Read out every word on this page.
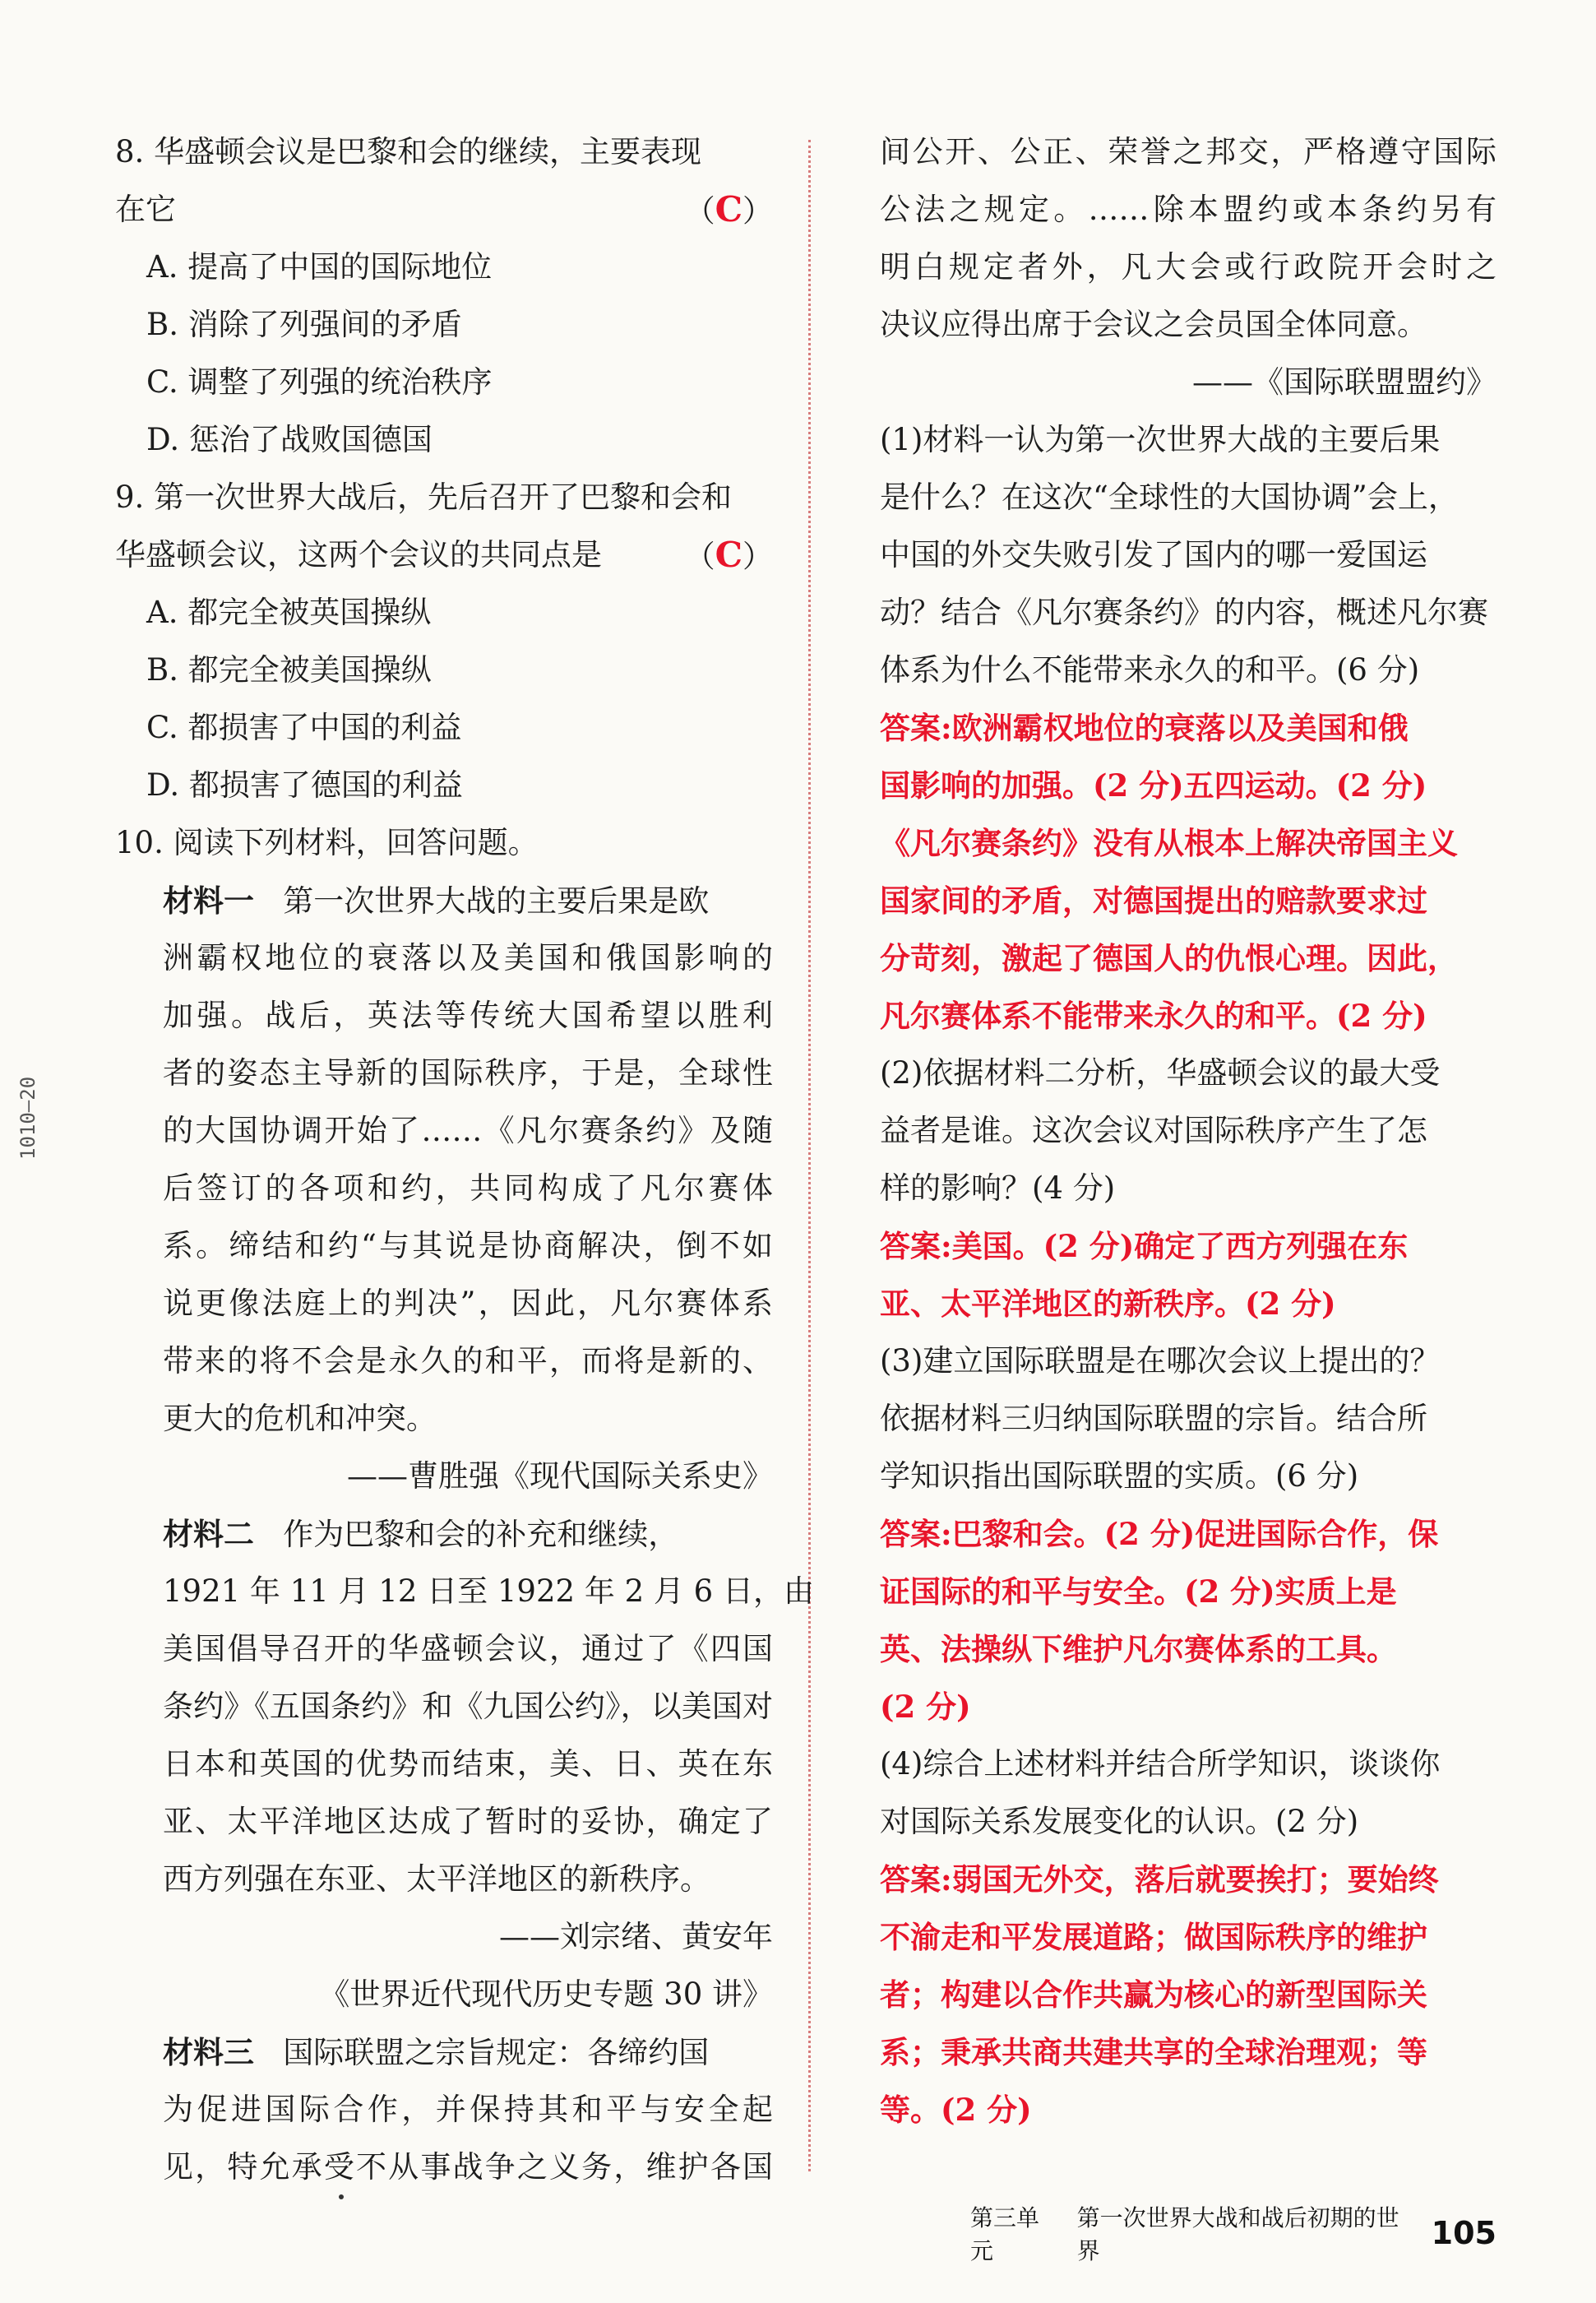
1010—20
8. 华盛顿会议是巴黎和会的继续，主要表现
在它	（C）
A. 提高了中国的国际地位
B. 消除了列强间的矛盾
C. 调整了列强的统治秩序
D. 惩治了战败国德国
9. 第一次世界大战后，先后召开了巴黎和会和
华盛顿会议，这两个会议的共同点是	（C）
A. 都完全被英国操纵
B. 都完全被美国操纵
C. 都损害了中国的利益
D. 都损害了德国的利益
10. 阅读下列材料，回答问题。
材料一 第一次世界大战的主要后果是欧
洲霸权地位的衰落以及美国和俄国影响的
加强。战后，英法等传统大国希望以胜利
者的姿态主导新的国际秩序，于是，全球性
的大国协调开始了……《凡尔赛条约》及随
后签订的各项和约，共同构成了凡尔赛体
系。缔结和约“与其说是协商解决，倒不如
说更像法庭上的判决”，因此，凡尔赛体系
带来的将不会是永久的和平，而将是新的、
更大的危机和冲突。
——曹胜强《现代国际关系史》
材料二 作为巴黎和会的补充和继续，
1921 年 11 月 12 日至 1922 年 2 月 6 日，由
美国倡导召开的华盛顿会议，通过了《四国
条约》《五国条约》和《九国公约》，以美国对
日本和英国的优势而结束，美、日、英在东
亚、太平洋地区达成了暂时的妥协，确定了
西方列强在东亚、太平洋地区的新秩序。
——刘宗绪、黄安年
《世界近代现代历史专题 30 讲》
材料三 国际联盟之宗旨规定：各缔约国
为促进国际合作，并保持其和平与安全起
见，特允承受不从事战争之义务，维护各国
间公开、公正、荣誉之邦交，严格遵守国际
公法之规定。……除本盟约或本条约另有
明白规定者外，凡大会或行政院开会时之
决议应得出席于会议之会员国全体同意。
——《国际联盟盟约》
(1)材料一认为第一次世界大战的主要后果
是什么？在这次“全球性的大国协调”会上，
中国的外交失败引发了国内的哪一爱国运
动？结合《凡尔赛条约》的内容，概述凡尔赛
体系为什么不能带来永久的和平。(6 分)
答案:欧洲霸权地位的衰落以及美国和俄
国影响的加强。(2 分)五四运动。(2 分)
《凡尔赛条约》没有从根本上解决帝国主义
国家间的矛盾，对德国提出的赔款要求过
分苛刻，激起了德国人的仇恨心理。因此，
凡尔赛体系不能带来永久的和平。(2 分)
(2)依据材料二分析，华盛顿会议的最大受
益者是谁。这次会议对国际秩序产生了怎
样的影响？(4 分)
答案:美国。(2 分)确定了西方列强在东
亚、太平洋地区的新秩序。(2 分)
(3)建立国际联盟是在哪次会议上提出的？
依据材料三归纳国际联盟的宗旨。结合所
学知识指出国际联盟的实质。(6 分)
答案:巴黎和会。(2 分)促进国际合作，保
证国际的和平与安全。(2 分)实质上是
英、法操纵下维护凡尔赛体系的工具。
(2 分)
(4)综合上述材料并结合所学知识，谈谈你
对国际关系发展变化的认识。(2 分)
答案:弱国无外交，落后就要挨打；要始终
不渝走和平发展道路；做国际秩序的维护
者；构建以合作共赢为核心的新型国际关
系；秉承共商共建共享的全球治理观；等
等。(2 分)
第三单元
第一次世界大战和战后初期的世界	105
